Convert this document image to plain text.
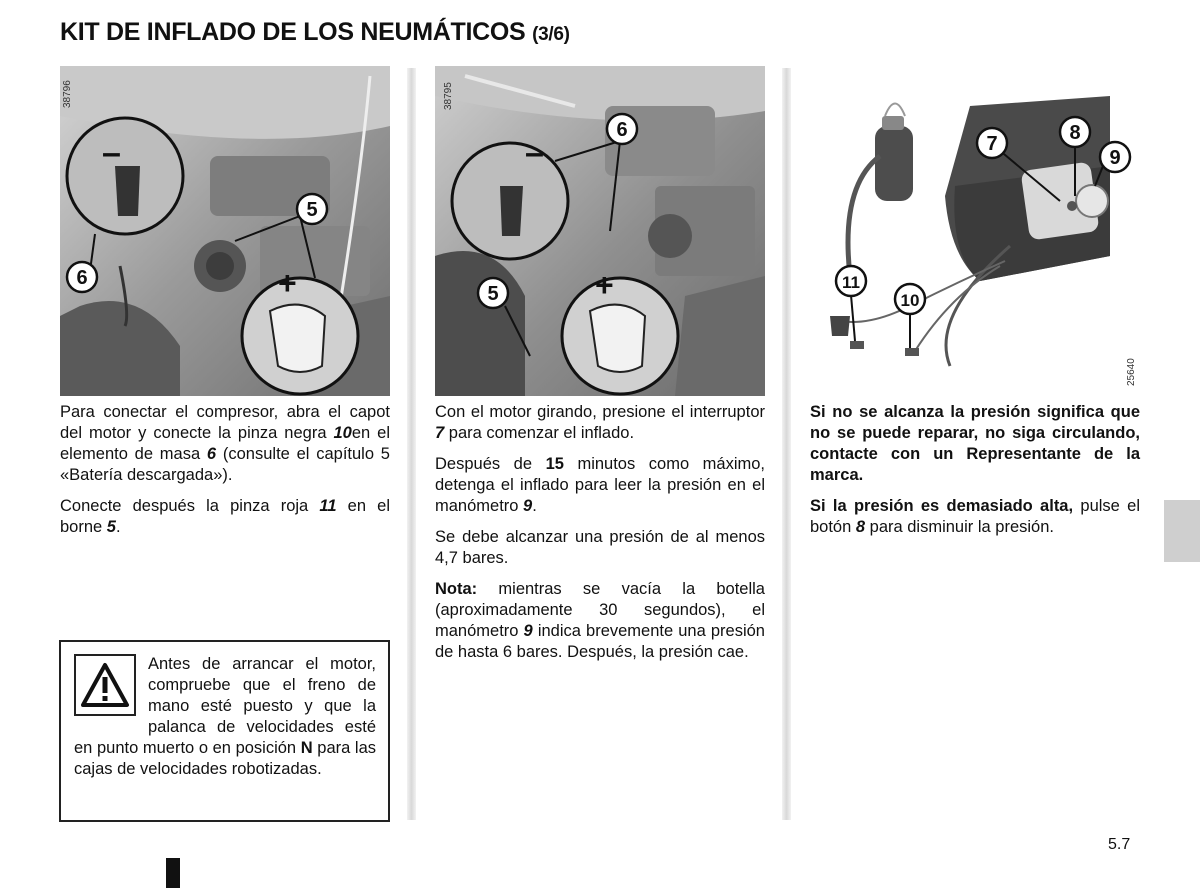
KIT DE INFLADO DE LOS NEUMÁTICOS (3/6)
–
+
5
6
38796
–
+
6
5
38795
7	8
9
11
10
25640

Para conectar el compresor, abra el capot del motor y conecte la pinza negra 10en el elemento de masa 6 (consulte el capítulo 5 «Batería descargada»).

Conecte después la pinza roja 11 en el borne 5.

Antes de arrancar el motor, compruebe que el freno de mano esté puesto y que la palanca de velocidades esté en punto muerto o en posición N para las cajas de velocidades robotizadas.

Con el motor girando, presione el interruptor 7 para comenzar el inflado.

Después de 15 minutos como máximo, detenga el inflado para leer la presión en el manómetro 9.

Se debe alcanzar una presión de al menos 4,7 bares.

Nota: mientras se vacía la botella (aproximadamente 30 segundos), el manómetro 9 indica brevemente una presión de hasta 6 bares. Después, la presión cae.

Si no se alcanza la presión significa que no se puede reparar, no siga circulando, contacte con un Representante de la marca.

Si la presión es demasiado alta, pulse el botón 8 para disminuir la presión.

5.7
